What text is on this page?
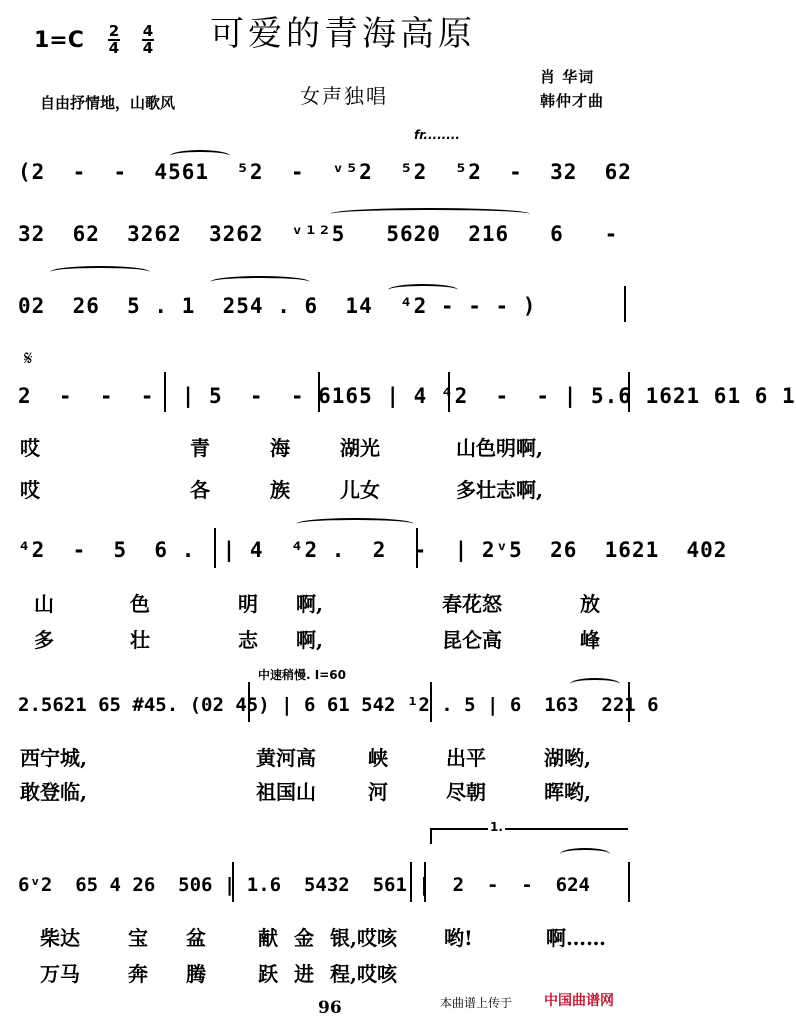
$1=C \frac{2}{4} \frac{4}{4}$ 可爱的青海高原
自由抒情地，山歌风	女声独唱
肖 华词
韩仲才曲
fr........
(2  -  -  4561  ⁵2  -  ᵛ⁵2  ⁵2  ⁵2  -  32  62
32  62  3262  3262  ᵛ¹²5   5620  216   6   -
02  26  5 . 1  254 . 6  14  ⁴2 - - - )
𝄋
2  -  -  -  | 5  -  - 6165 | 4 ⁴2  -  - | 5.6 1621 61 6 1
哎	青	海	湖光	山色明啊,
哎	各	族	儿女	多壮志啊,
⁴2  -  5  6 .  | 4  ⁴2 .  2  -  | 2ᵛ5  26  1621  402
山	色	明 啊,	春花怒	放
多	壮	志 啊,	昆仑高	峰
中速稍慢. I=60
2.5621 65 #45. (02 45) | 6 61 542 ¹2 . 5 | 6  163  221 6
西宁城,	黄河高	峡	出平	湖哟,
敢登临,	祖国山	河	尽朝	晖哟,
1.
6ᵛ2  65 4 26  506 | 1.6  5432  561 |  2  -  -  624
柴达 宝 盆	献 金 银,哎咳 哟!	啊……
万马 奔 腾	跃 进 程,哎咳
96	本曲谱上传于 中国曲谱网
